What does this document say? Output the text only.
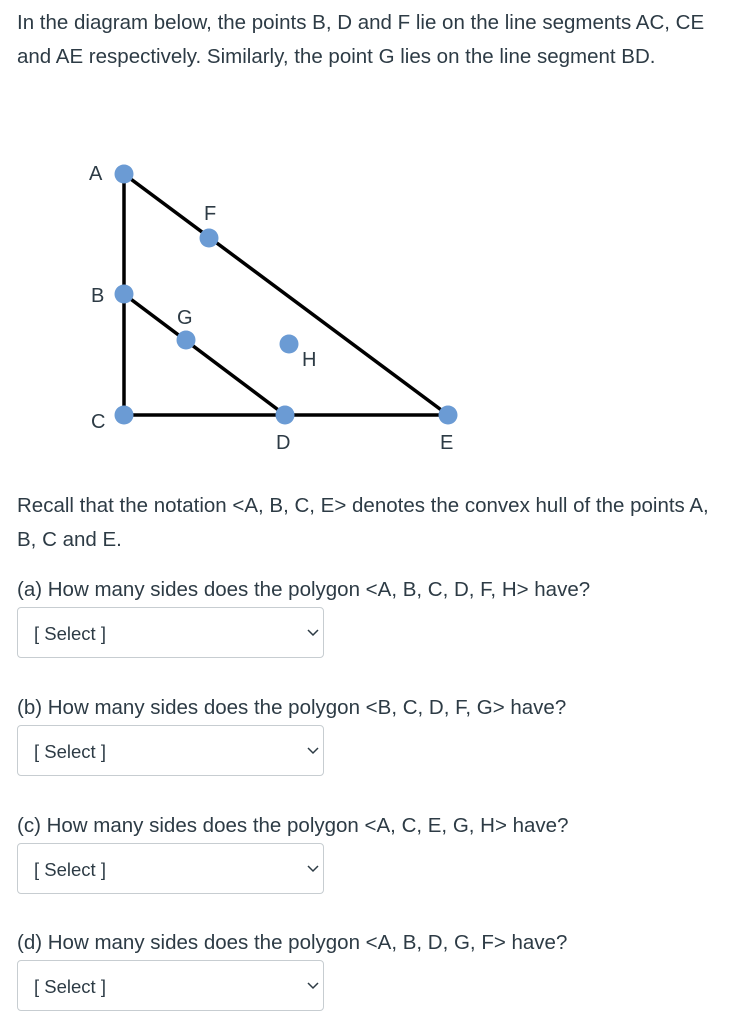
In the diagram below, the points B, D and F lie on the line segments AC, CE and AE respectively. Similarly, the point G lies on the line segment BD.

A
B
C
D	E
F
G
H

Recall that the notation <A, B, C, E> denotes the convex hull of the points A, B, C and E.

(a) How many sides does the polygon <A, B, C, D, F, H> have?

[ Select ]

(b) How many sides does the polygon <B, C, D, F, G> have?

[ Select ]

(c) How many sides does the polygon <A, C, E, G, H> have?

[ Select ]

(d) How many sides does the polygon <A, B, D, G, F> have?

[ Select ]
